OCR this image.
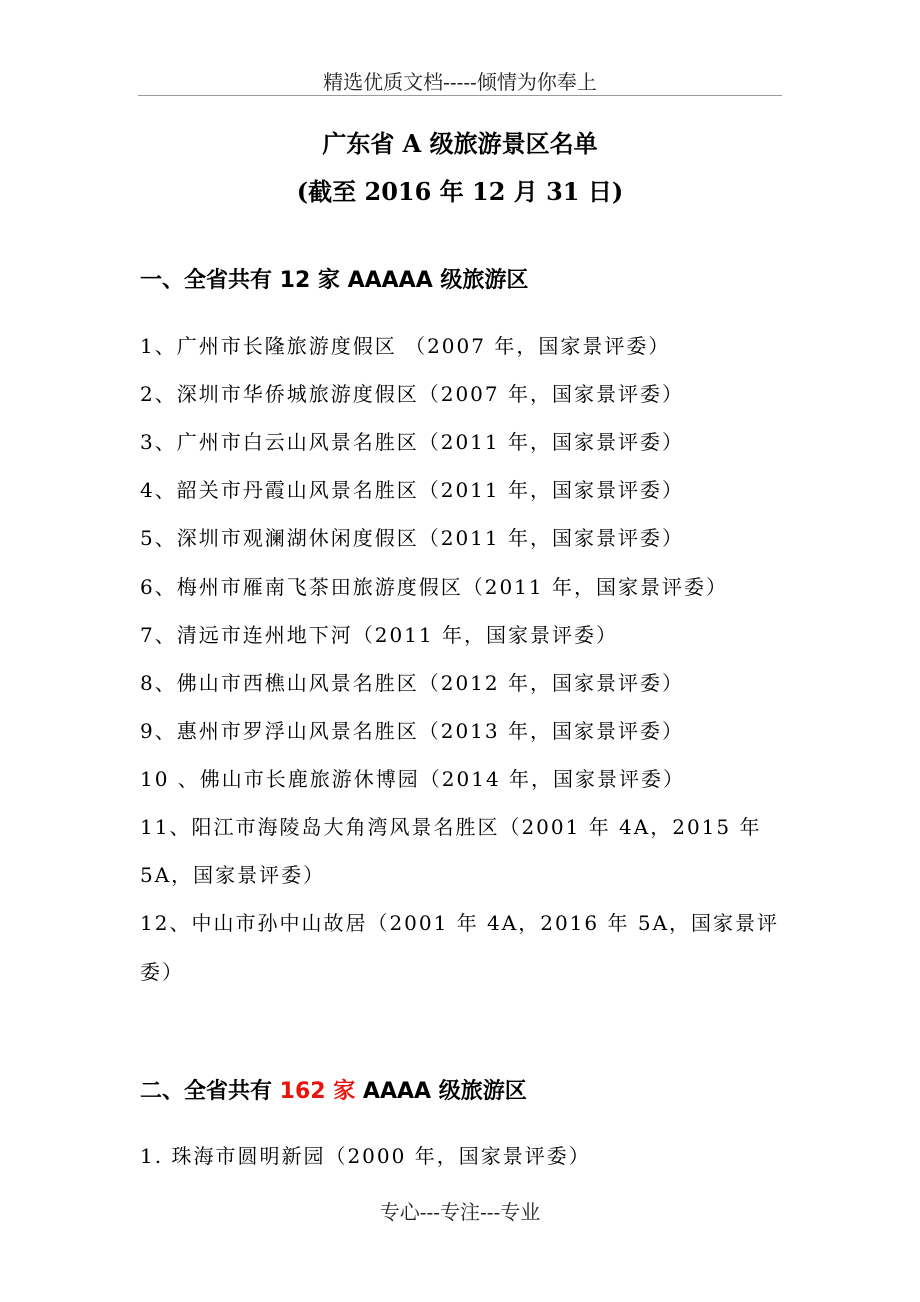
精选优质文档-----倾情为你奉上
广东省 A 级旅游景区名单
(截至 2016 年 12 月 31 日)
一、全省共有 12 家 AAAAA 级旅游区
1、广州市长隆旅游度假区 （2007 年，国家景评委）
2、深圳市华侨城旅游度假区（2007 年，国家景评委）
3、广州市白云山风景名胜区（2011 年，国家景评委）
4、韶关市丹霞山风景名胜区（2011 年，国家景评委）
5、深圳市观澜湖休闲度假区（2011 年，国家景评委）
6、梅州市雁南飞茶田旅游度假区（2011 年，国家景评委）
7、清远市连州地下河（2011 年，国家景评委）
8、佛山市西樵山风景名胜区（2012 年，国家景评委）
9、惠州市罗浮山风景名胜区（2013 年，国家景评委）
10 、佛山市长鹿旅游休博园（2014 年，国家景评委）
11、阳江市海陵岛大角湾风景名胜区（2001 年 4A，2015 年
5A，国家景评委）
12、中山市孙中山故居（2001 年 4A，2016 年 5A，国家景评
委）
二、全省共有 162 家 AAAA 级旅游区
1. 珠海市圆明新园（2000 年，国家景评委）
专心---专注---专业
